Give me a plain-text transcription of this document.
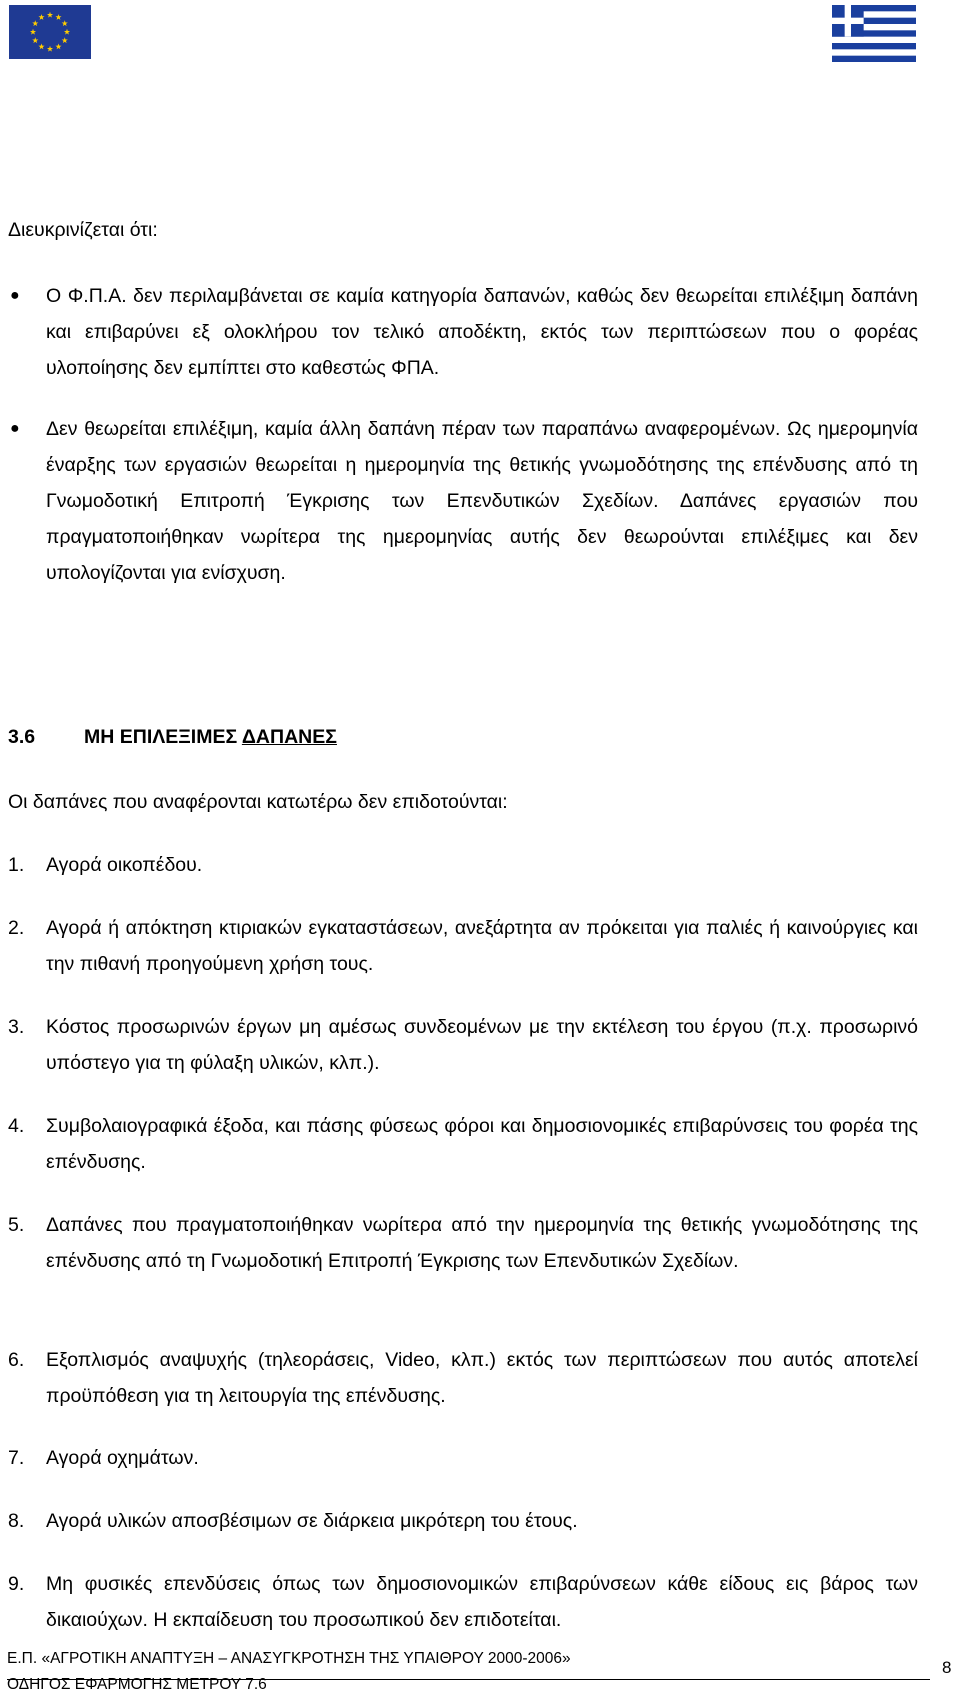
Διευκρινίζεται ότι:

● Ο Φ.Π.Α. δεν περιλαμβάνεται σε καμία κατηγορία δαπανών, καθώς δεν θεωρείται επιλέξιμη δαπάνη και επιβαρύνει εξ ολοκλήρου τον τελικό αποδέκτη, εκτός των περιπτώσεων που ο φορέας υλοποίησης δεν εμπίπτει στο καθεστώς ΦΠΑ.

● Δεν θεωρείται επιλέξιμη, καμία άλλη δαπάνη πέραν των παραπάνω αναφερομένων. Ως ημερομηνία έναρξης των εργασιών θεωρείται η ημερομηνία της θετικής γνωμοδότησης της επένδυσης από τη Γνωμοδοτική Επιτροπή Έγκρισης των Επενδυτικών Σχεδίων. Δαπάνες εργασιών που πραγματοποιήθηκαν νωρίτερα της ημερομηνίας αυτής δεν θεωρούνται επιλέξιμες και δεν υπολογίζονται για ενίσχυση.

3.6	ΜΗ ΕΠΙΛΕΞΙΜΕΣ ΔΑΠΑΝΕΣ

Οι δαπάνες που αναφέρονται κατωτέρω δεν επιδοτούνται:

1. Αγορά οικοπέδου.
2. Αγορά ή απόκτηση κτιριακών εγκαταστάσεων, ανεξάρτητα αν πρόκειται για παλιές ή καινούργιες και την πιθανή προηγούμενη χρήση τους.
3. Κόστος προσωρινών έργων μη αμέσως συνδεομένων με την εκτέλεση του έργου (π.χ. προσωρινό υπόστεγο για τη φύλαξη υλικών, κλπ.).
4. Συμβολαιογραφικά έξοδα, και πάσης φύσεως φόροι και δημοσιονομικές επιβαρύνσεις του φορέα της επένδυσης.
5. Δαπάνες που πραγματοποιήθηκαν νωρίτερα από την ημερομηνία της θετικής γνωμοδότησης της επένδυσης από τη Γνωμοδοτική Επιτροπή Έγκρισης των Επενδυτικών Σχεδίων.
6. Εξοπλισμός αναψυχής (τηλεοράσεις, Video, κλπ.) εκτός των περιπτώσεων που αυτός αποτελεί προϋπόθεση για τη λειτουργία της επένδυσης.
7. Αγορά οχημάτων.
8. Αγορά υλικών αποσβέσιμων σε διάρκεια μικρότερη του έτους.
9. Μη φυσικές επενδύσεις όπως των δημοσιονομικών επιβαρύνσεων κάθε είδους εις βάρος των δικαιούχων. Η εκπαίδευση του προσωπικού δεν επιδοτείται.
Ε.Π. «ΑΓΡΟΤΙΚΗ ΑΝΑΠΤΥΞΗ – ΑΝΑΣΥΓΚΡΟΤΗΣΗ ΤΗΣ ΥΠΑΙΘΡΟΥ 2000-2006»
ΟΔΗΓΟΣ ΕΦΑΡΜΟΓΗΣ ΜΕΤΡΟΥ 7.6
8
